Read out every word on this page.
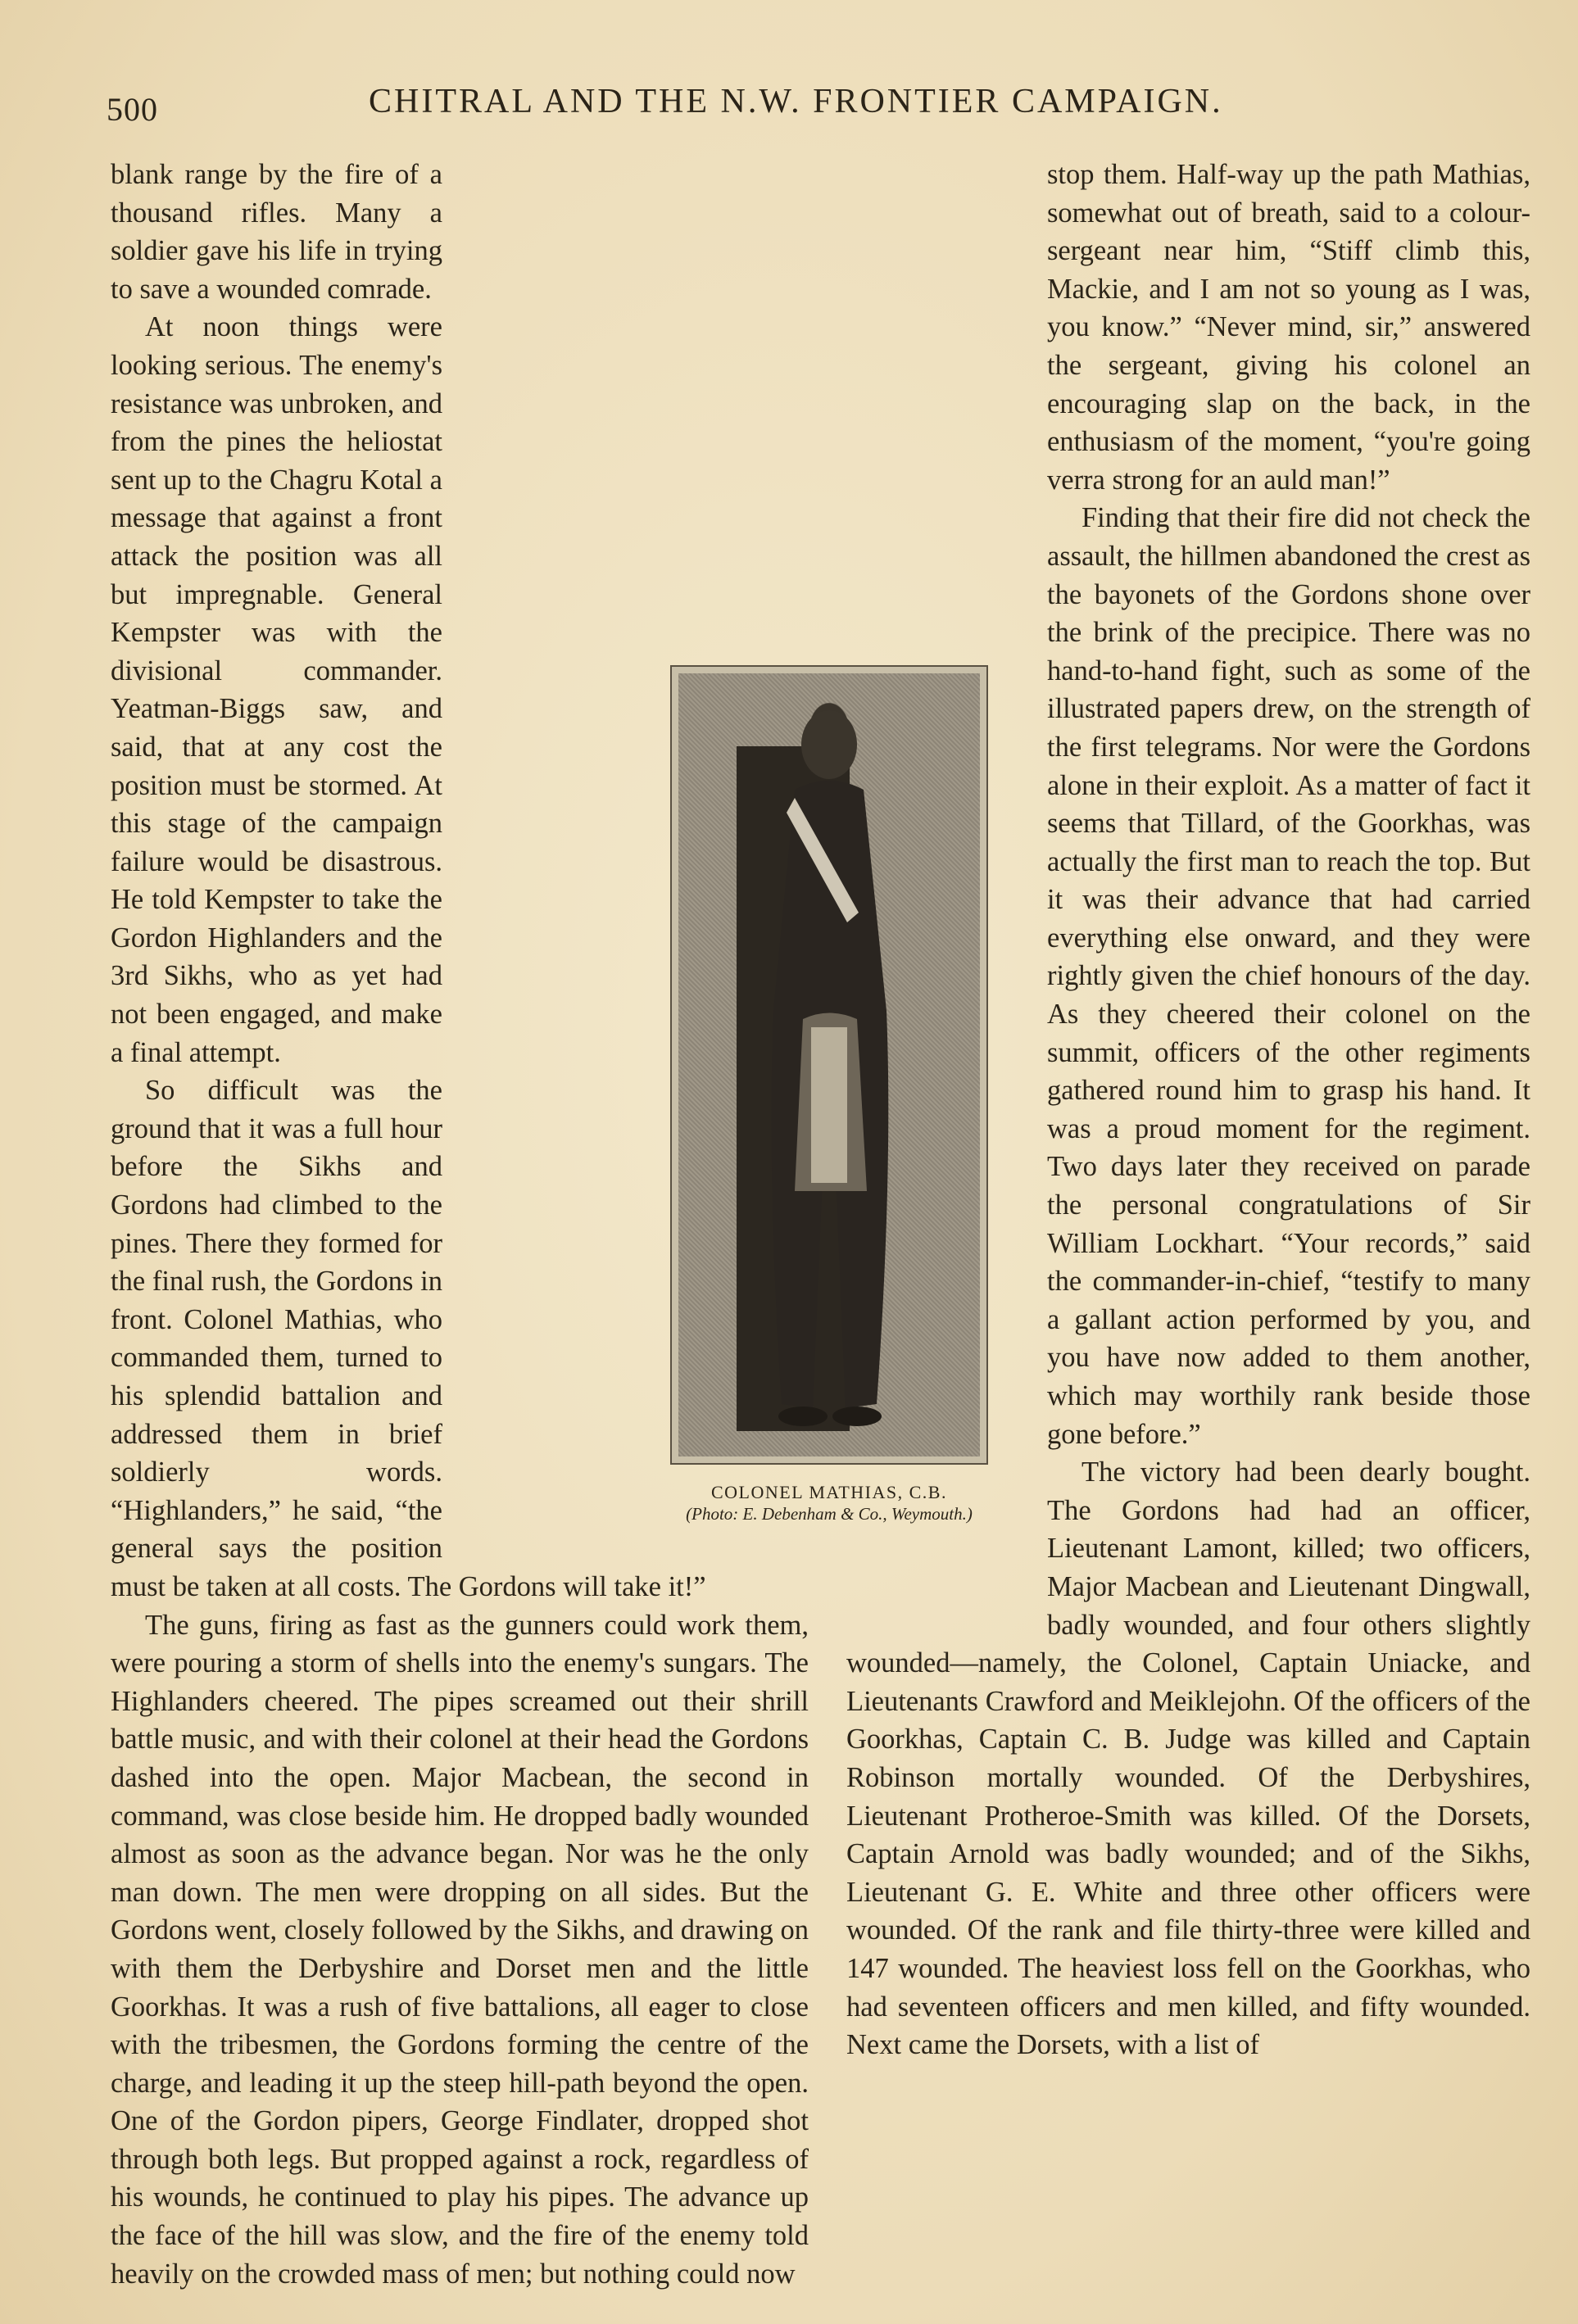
500	CHITRAL AND THE N.W. FRONTIER CAMPAIGN.

blank range by the fire of a thousand rifles. Many a soldier gave his life in trying to save a wounded comrade.

At noon things were looking serious. The enemy's resistance was unbroken, and from the pines the heliostat sent up to the Chagru Kotal a message that against a front attack the position was all but impregnable. General Kempster was with the divisional commander. Yeatman-Biggs saw, and said, that at any cost the position must be stormed. At this stage of the campaign failure would be disastrous. He told Kempster to take the Gordon Highlanders and the 3rd Sikhs, who as yet had not been engaged, and make a final attempt.

So difficult was the ground that it was a full hour before the Sikhs and Gordons had climbed to the pines. There they formed for the final rush, the Gordons in front. Colonel Mathias, who commanded them, turned to his splendid battalion and addressed them in brief soldierly words. “Highlanders,” he said, “the general says the position must be taken at all costs. The Gordons will take it!”

The guns, firing as fast as the gunners could work them, were pouring a storm of shells into the enemy's sungars. The Highlanders cheered. The pipes screamed out their shrill battle music, and with their colonel at their head the Gordons dashed into the open. Major Macbean, the second in command, was close beside him. He dropped badly wounded almost as soon as the advance began. Nor was he the only man down. The men were dropping on all sides. But the Gordons went, closely followed by the Sikhs, and drawing on with them the Derbyshire and Dorset men and the little Goorkhas. It was a rush of five battalions, all eager to close with the tribesmen, the Gordons forming the centre of the charge, and leading it up the steep hill-path beyond the open. One of the Gordon pipers, George Findlater, dropped shot through both legs. But propped against a rock, regardless of his wounds, he continued to play his pipes. The advance up the face of the hill was slow, and the fire of the enemy told heavily on the crowded mass of men; but nothing could now

stop them. Half-way up the path Mathias, somewhat out of breath, said to a colour-sergeant near him, “Stiff climb this, Mackie, and I am not so young as I was, you know.” “Never mind, sir,” answered the sergeant, giving his colonel an encouraging slap on the back, in the enthusiasm of the moment, “you're going verra strong for an auld man!”

Finding that their fire did not check the assault, the hillmen abandoned the crest as the bayonets of the Gordons shone over the brink of the precipice. There was no hand-to-hand fight, such as some of the illustrated papers drew, on the strength of the first telegrams. Nor were the Gordons alone in their exploit. As a matter of fact it seems that Tillard, of the Goorkhas, was actually the first man to reach the top. But it was their advance that had carried everything else onward, and they were rightly given the chief honours of the day. As they cheered their colonel on the summit, officers of the other regiments gathered round him to grasp his hand. It was a proud moment for the regiment. Two days later they received on parade the personal congratulations of Sir William Lockhart. “Your records,” said the commander-in-chief, “testify to many a gallant action performed by you, and you have now added to them another, which may worthily rank beside those gone before.”

The victory had been dearly bought. The Gordons had had an officer, Lieutenant Lamont, killed; two officers, Major Macbean and Lieutenant Dingwall, badly wounded, and four others slightly wounded—namely, the Colonel, Captain Uniacke, and Lieutenants Crawford and Meiklejohn. Of the officers of the Goorkhas, Captain C. B. Judge was killed and Captain Robinson mortally wounded. Of the Derbyshires, Lieutenant Protheroe-Smith was killed. Of the Dorsets, Captain Arnold was badly wounded; and of the Sikhs, Lieutenant G. E. White and three other officers were wounded. Of the rank and file thirty-three were killed and 147 wounded. The heaviest loss fell on the Goorkhas, who had seventeen officers and men killed, and fifty wounded. Next came the Dorsets, with a list of

COLONEL MATHIAS, C.B.
(Photo: E. Debenham & Co., Weymouth.)
